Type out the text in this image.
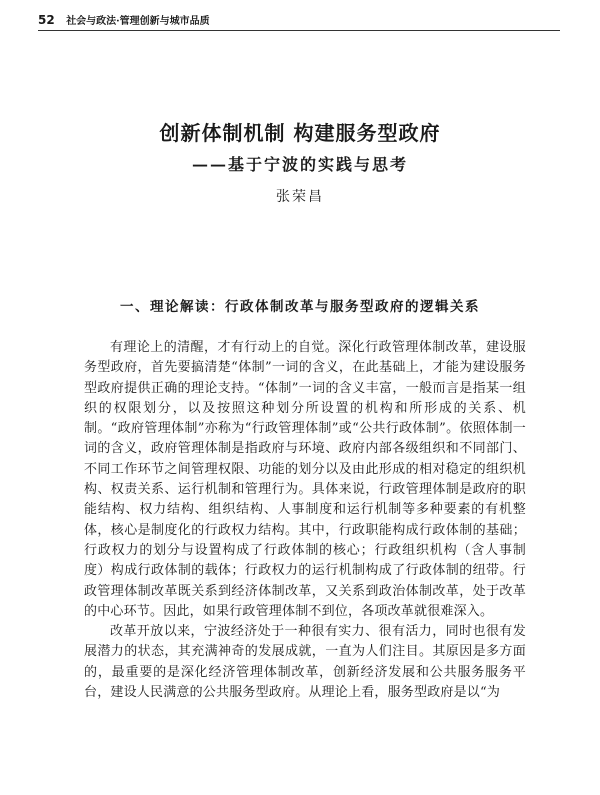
52 社会与政法·管理创新与城市品质
创新体制机制 构建服务型政府
——基于宁波的实践与思考

张荣昌

一、理论解读：行政体制改革与服务型政府的逻辑关系

有理论上的清醒，才有行动上的自觉。深化行政管理体制改革，建设服务型政府，首先要搞清楚“体制”一词的含义，在此基础上，才能为建设服务型政府提供正确的理论支持。“体制”一词的含义丰富，一般而言是指某一组织的权限划分，以及按照这种划分所设置的机构和所形成的关系、机制。“政府管理体制”亦称为“行政管理体制”或“公共行政体制”。依照体制一词的含义，政府管理体制是指政府与环境、政府内部各级组织和不同部门、不同工作环节之间管理权限、功能的划分以及由此形成的相对稳定的组织机构、权责关系、运行机制和管理行为。具体来说，行政管理体制是政府的职能结构、权力结构、组织结构、人事制度和运行机制等多种要素的有机整体，核心是制度化的行政权力结构。其中，行政职能构成行政体制的基础；行政权力的划分与设置构成了行政体制的核心；行政组织机构（含人事制度）构成行政体制的载体；行政权力的运行机制构成了行政体制的纽带。行政管理体制改革既关系到经济体制改革，又关系到政治体制改革，处于改革的中心环节。因此，如果行政管理体制不到位，各项改革就很难深入。

改革开放以来，宁波经济处于一种很有实力、很有活力，同时也很有发展潜力的状态，其充满神奇的发展成就，一直为人们注目。其原因是多方面的，最重要的是深化经济管理体制改革，创新经济发展和公共服务服务平台，建设人民满意的公共服务型政府。从理论上看，服务型政府是以“为
